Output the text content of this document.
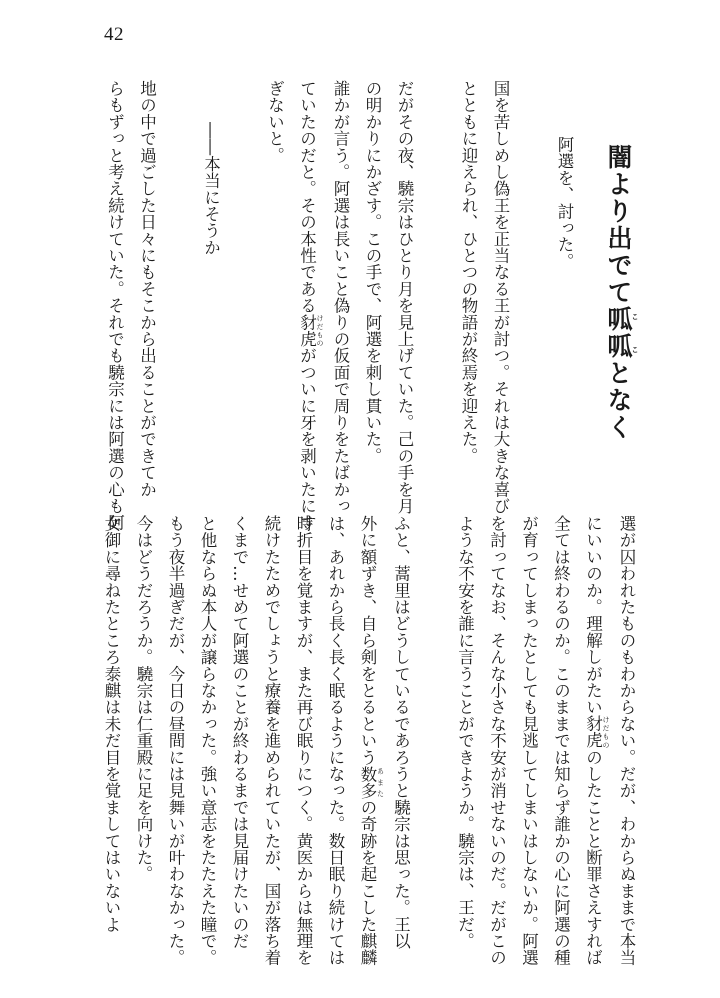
42

闇より出でて呱呱こことなく

阿選を、討った。

国を苦しめし偽王を正当なる王が討つ。それは大きな喜び

とともに迎えられ、ひとつの物語が終焉を迎えた。

だがその夜、驍宗はひとり月を見上げていた。己の手を月

の明かりにかざす。この手で、阿選を刺し貫いた。

誰かが言う。阿選は長いこと偽りの仮面で周りをたばかっ

ていたのだと。その本性である豺虎 けだものがついに牙を剥いたにす

ぎないと。

――本当にそうか

地の中で過ごした日々にもそこから出ることができてか

らもずっと考え続けていた。それでも驍宗には阿選の心も阿

選が囚われたものもわからない。だが、わからぬままで本当

にいいのか。理解しがたい豺虎 けだもののしたことと断罪さえすれば

全ては終わるのか。このままでは知らず誰かの心に阿選の種

が育ってしまったとしても見逃してしまいはしないか。阿選

を討ってなお、そんな小さな不安が消せないのだ。だがこの

ような不安を誰に言うことができようか。驍宗は、王だ。

ふと、蒿里はどうしているであろうと驍宗は思った。王以

外に額ずき、自ら剣をとるという数多 あまたの奇跡を起こした麒麟

は、あれから長く長く眠るようになった。数日眠り続けては

時折目を覚ますが、また再び眠りにつく。黄医からは無理を

続けたためでしょうと療養を進められていたが、国が落ち着

くまで…せめて阿選のことが終わるまでは見届けたいのだ

と他ならぬ本人が譲らなかった。強い意志をたたえた瞳で。

もう夜半過ぎだが、今日の昼間には見舞いが叶わなかった。

今はどうだろうか。驍宗は仁重殿に足を向けた。

女御に尋ねたところ泰麒は未だ目を覚ましてはいないよ
